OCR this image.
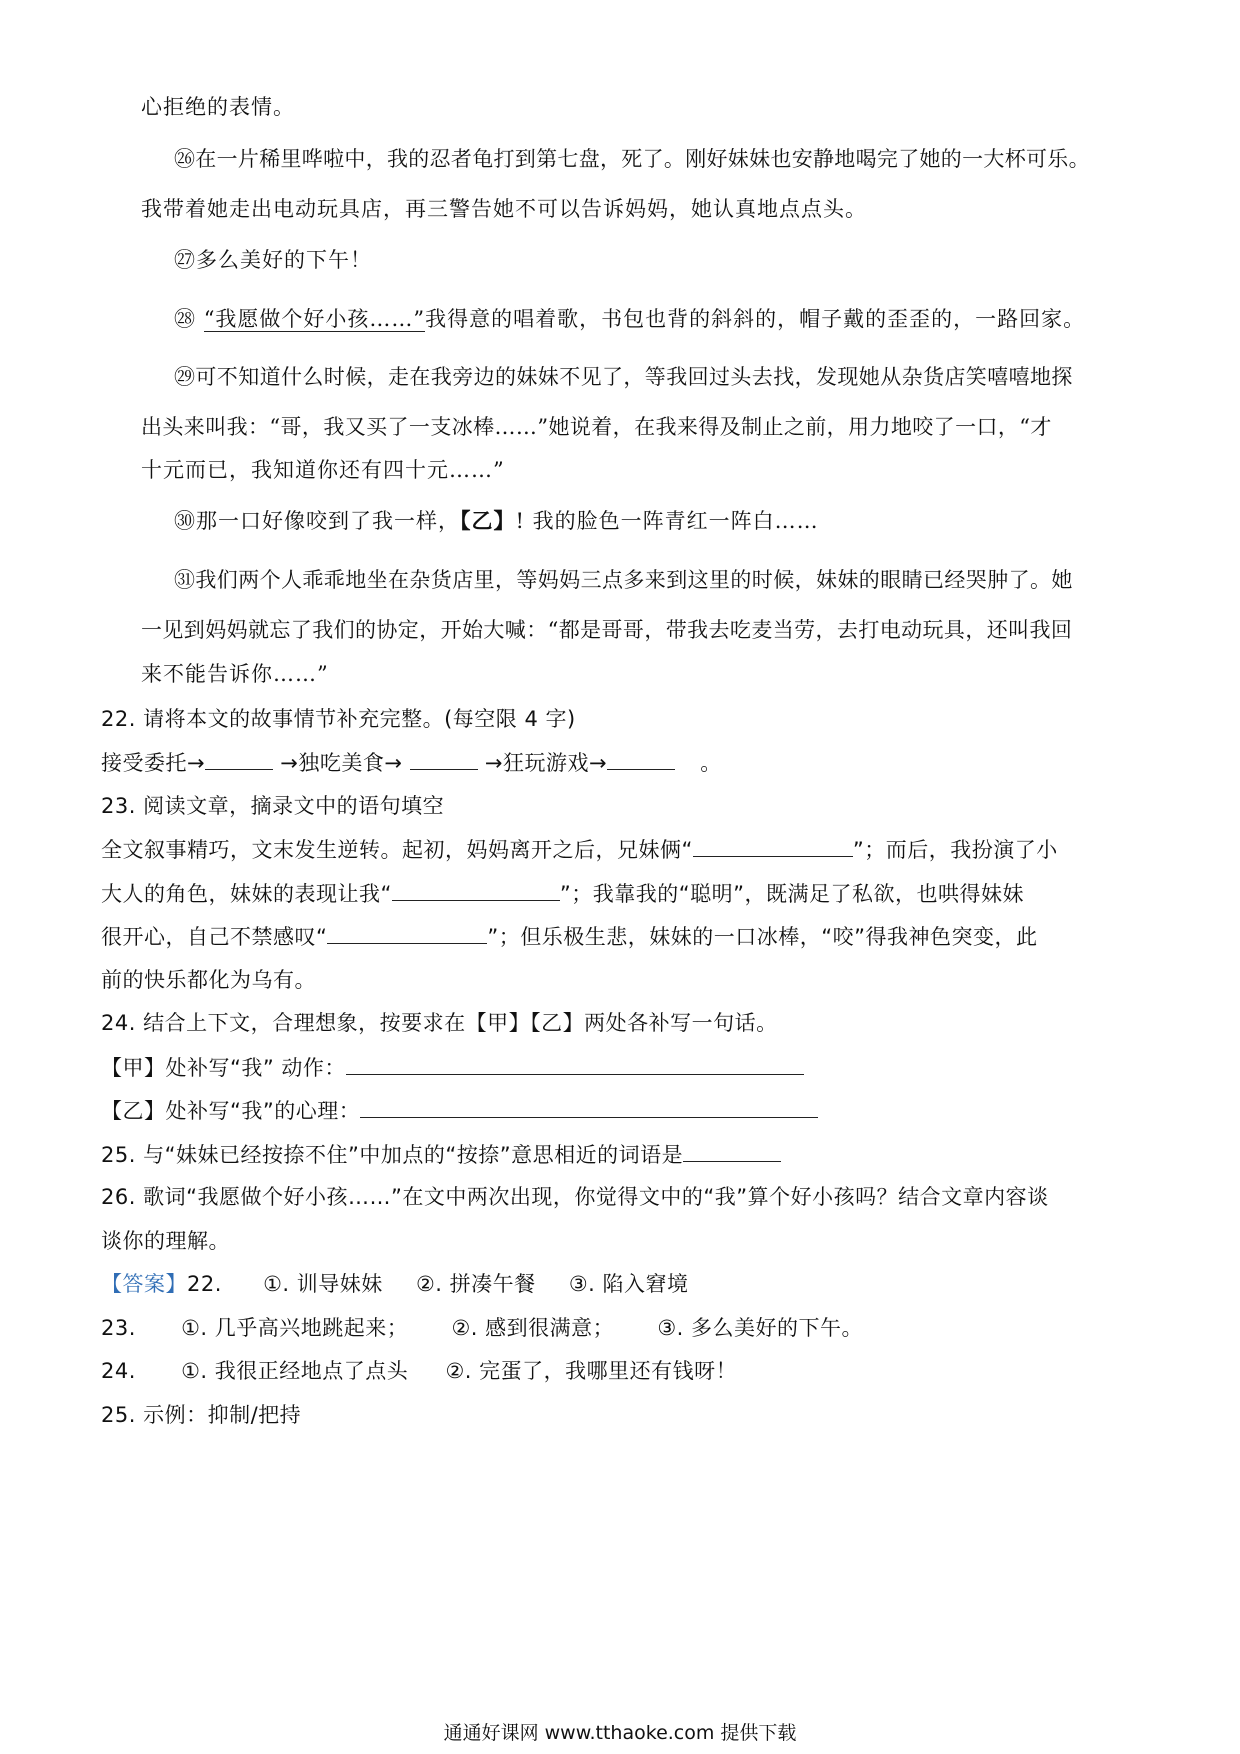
心拒绝的表情。
㉖在一片稀里哗啦中，我的忍者龟打到第七盘，死了。刚好妹妹也安静地喝完了她的一大杯可乐。
我带着她走出电动玩具店，再三警告她不可以告诉妈妈，她认真地点点头。
㉗多么美好的下午！
㉘ “我愿做个好小孩……”我得意的唱着歌，书包也背的斜斜的，帽子戴的歪歪的，一路回家。
㉙可不知道什么时候，走在我旁边的妹妹不见了，等我回过头去找，发现她从杂货店笑嘻嘻地探
出头来叫我：“哥，我又买了一支冰棒……”她说着，在我来得及制止之前，用力地咬了一口，“才
十元而已，我知道你还有四十元……”
㉚那一口好像咬到了我一样，【乙】! 我的脸色一阵青红一阵白……
㉛我们两个人乖乖地坐在杂货店里，等妈妈三点多来到这里的时候，妹妹的眼睛已经哭肿了。她
一见到妈妈就忘了我们的协定，开始大喊：“都是哥哥，带我去吃麦当劳，去打电动玩具，还叫我回
来不能告诉你……”
22. 请将本文的故事情节补充完整。(每空限 4 字)
接受委托→	→独吃美食→	→狂玩游戏→	。
23. 阅读文章，摘录文中的语句填空
全文叙事精巧，文末发生逆转。起初，妈妈离开之后，兄妹俩“	”；而后，我扮演了小
大人的角色，妹妹的表现让我“	”；我靠我的“聪明”，既满足了私欲，也哄得妹妹
很开心，自己不禁感叹“	”；但乐极生悲，妹妹的一口冰棒，“咬”得我神色突变，此
前的快乐都化为乌有。
24. 结合上下文，合理想象，按要求在【甲】【乙】两处各补写一句话。
【甲】处补写“我” 动作：
【乙】处补写“我”的心理：
25. 与“妹妹已经按捺不住”中加点的“按捺”意思相近的词语是
26. 歌词“我愿做个好小孩……”在文中两次出现，你觉得文中的“我”算个好小孩吗？结合文章内容谈
谈你的理解。
【答案】22. ①. 训导妹妹 ②. 拼凑午餐 ③. 陷入窘境
23. ①. 几乎高兴地跳起来； ②. 感到很满意； ③. 多么美好的下午。
24. ①. 我很正经地点了点头 ②. 完蛋了，我哪里还有钱呀！
25. 示例：抑制/把持
通通好课网 www.tthaoke.com 提供下载
